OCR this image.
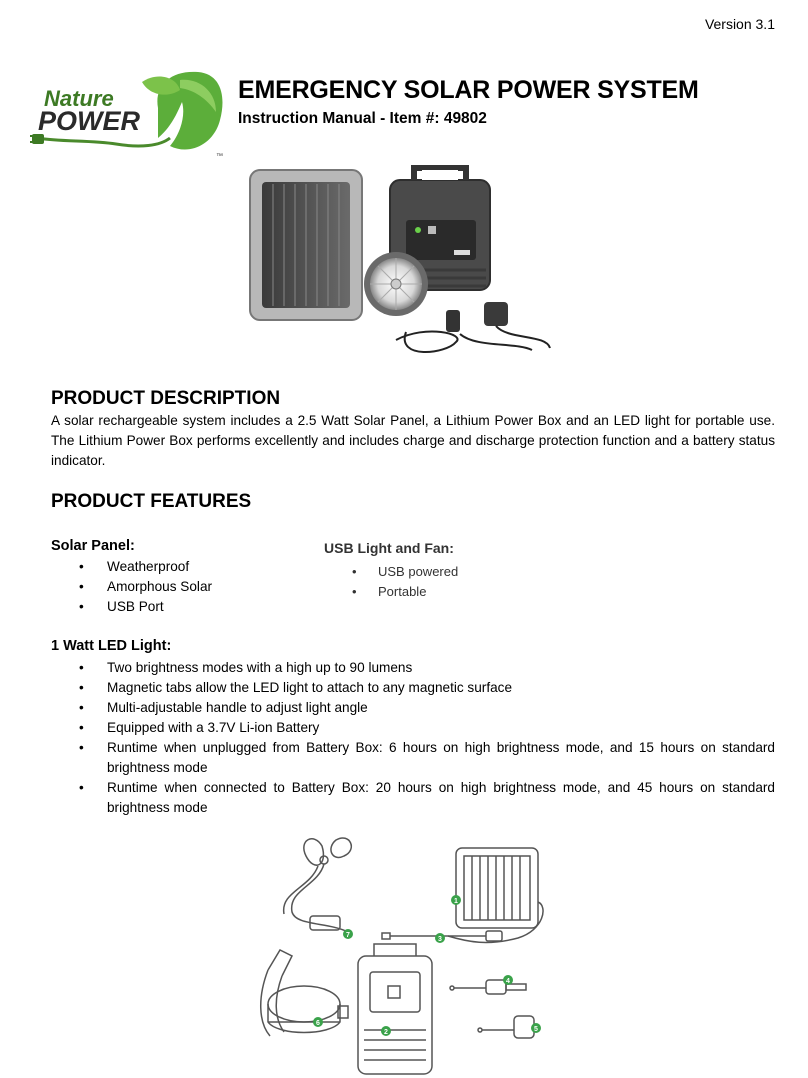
Version 3.1
Nature
POWER
™
EMERGENCY SOLAR POWER SYSTEM
Instruction Manual - Item #: 49802
PRODUCT DESCRIPTION
A solar rechargeable system includes a 2.5 Watt Solar Panel, a Lithium Power Box and an LED light for portable use. The Lithium Power Box performs excellently and includes charge and discharge protection function and a battery status indicator.
PRODUCT FEATURES
Solar Panel:
• Weatherproof
• Amorphous Solar
• USB Port
USB Light and Fan:
• USB powered
• Portable
1 Watt LED Light:
• Two brightness modes with a high up to 90 lumens
• Magnetic tabs allow the LED light to attach to any magnetic surface
• Multi-adjustable handle to adjust light angle
• Equipped with a 3.7V Li-ion Battery
• Runtime when unplugged from Battery Box: 6 hours on high brightness mode, and 15 hours on standard brightness mode
• Runtime when connected to Battery Box: 20 hours on high brightness mode, and 45 hours on standard brightness mode
1
2
3
4
5
6
7
